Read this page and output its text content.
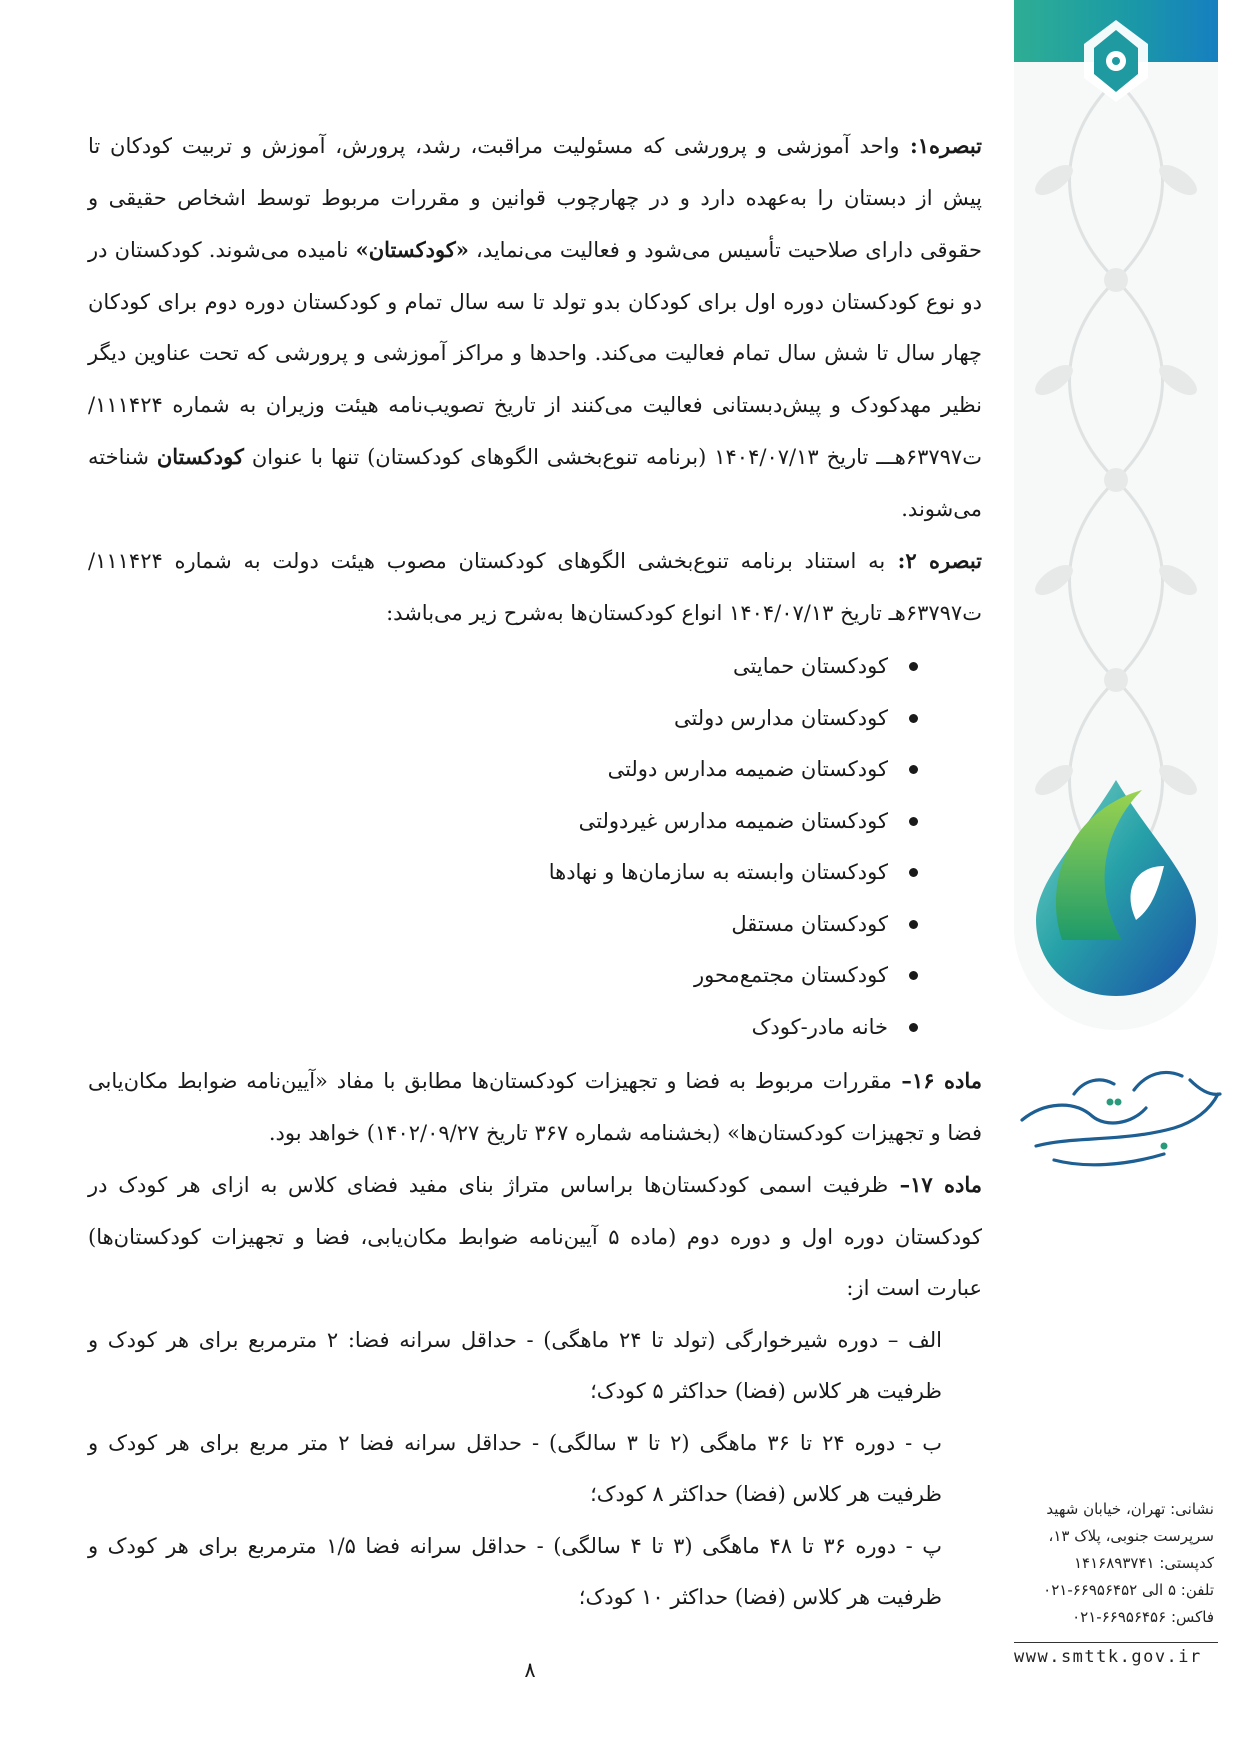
تبصره۱: واحد آموزشی و پرورشی که مسئولیت مراقبت، رشد، پرورش، آموزش و تربیت کودکان تا پیش از دبستان را به‌عهده دارد و در چهارچوب قوانین و مقررات مربوط توسط اشخاص حقیقی و حقوقی دارای صلاحیت تأسیس می‌شود و فعالیت می‌نماید، «کودکستان» نامیده می‌شوند. کودکستان در دو نوع کودکستان دوره اول برای کودکان بدو تولد تا سه سال تمام و کودکستان دوره دوم برای کودکان چهار سال تا شش سال تمام فعالیت می‌کند. واحدها و مراکز آموزشی و پرورشی که تحت عناوین دیگر نظیر مهدکودک و پیش‌دبستانی فعالیت می‌کنند از تاریخ تصویب‌نامه هیئت وزیران به شماره ۱۱۱۴۲۴/ت۶۳۷۹۷هـــ تاریخ ۱۴۰۴/۰۷/۱۳ (برنامه تنوع‌بخشی الگوهای کودکستان) تنها با عنوان کودکستان شناخته می‌شوند.

تبصره ۲: به استناد برنامه تنوع‌بخشی الگوهای کودکستان مصوب هیئت دولت به شماره ۱۱۱۴۲۴/ت۶۳۷۹۷هـ تاریخ ۱۴۰۴/۰۷/۱۳ انواع کودکستان‌ها به‌شرح زیر می‌باشد:

کودکستان حمایتی
کودکستان مدارس دولتی
کودکستان ضمیمه مدارس دولتی
کودکستان ضمیمه مدارس غیردولتی
کودکستان وابسته به سازمان‌ها و نهادها
کودکستان مستقل
کودکستان مجتمع‌محور
خانه مادر-کودک

ماده ۱۶– مقررات مربوط به فضا و تجهیزات کودکستان‌ها مطابق با مفاد «آیین‌نامه ضوابط مکان‌یابی فضا و تجهیزات کودکستان‌ها» (بخشنامه شماره ۳۶۷ تاریخ ۱۴۰۲/۰۹/۲۷) خواهد بود.

ماده ۱۷– ظرفیت اسمی کودکستان‌ها براساس متراژ بنای مفید فضای کلاس به ازای هر کودک در کودکستان دوره اول و دوره دوم (ماده ۵ آیین‌نامه ضوابط مکان‌یابی، فضا و تجهیزات کودکستان‌ها) عبارت است از:

الف – دوره شیرخوارگی (تولد تا ۲۴ ماهگی) - حداقل سرانه فضا: ۲ مترمربع برای هر کودک و ظرفیت هر کلاس (فضا) حداکثر ۵ کودک؛

ب - دوره ۲۴ تا ۳۶ ماهگی (۲ تا ۳ سالگی) - حداقل سرانه فضا ۲ متر مربع برای هر کودک و ظرفیت هر کلاس (فضا) حداکثر ۸ کودک؛

پ - دوره ۳۶ تا ۴۸ ماهگی (۳ تا ۴ سالگی) - حداقل سرانه فضا ۱/۵ مترمربع برای هر کودک و ظرفیت هر کلاس (فضا) حداکثر ۱۰ کودک؛

۸
نشانی: تهران، خیابان شهید
سرپرست جنوبی، پلاک ۱۳،
کدپستی: ۱۴۱۶۸۹۳۷۴۱
تلفن: ۵ الی ۶۶۹۵۶۴۵۲-۰۲۱
فاکس: ۶۶۹۵۶۴۵۶-۰۲۱
www.smttk.gov.ir
